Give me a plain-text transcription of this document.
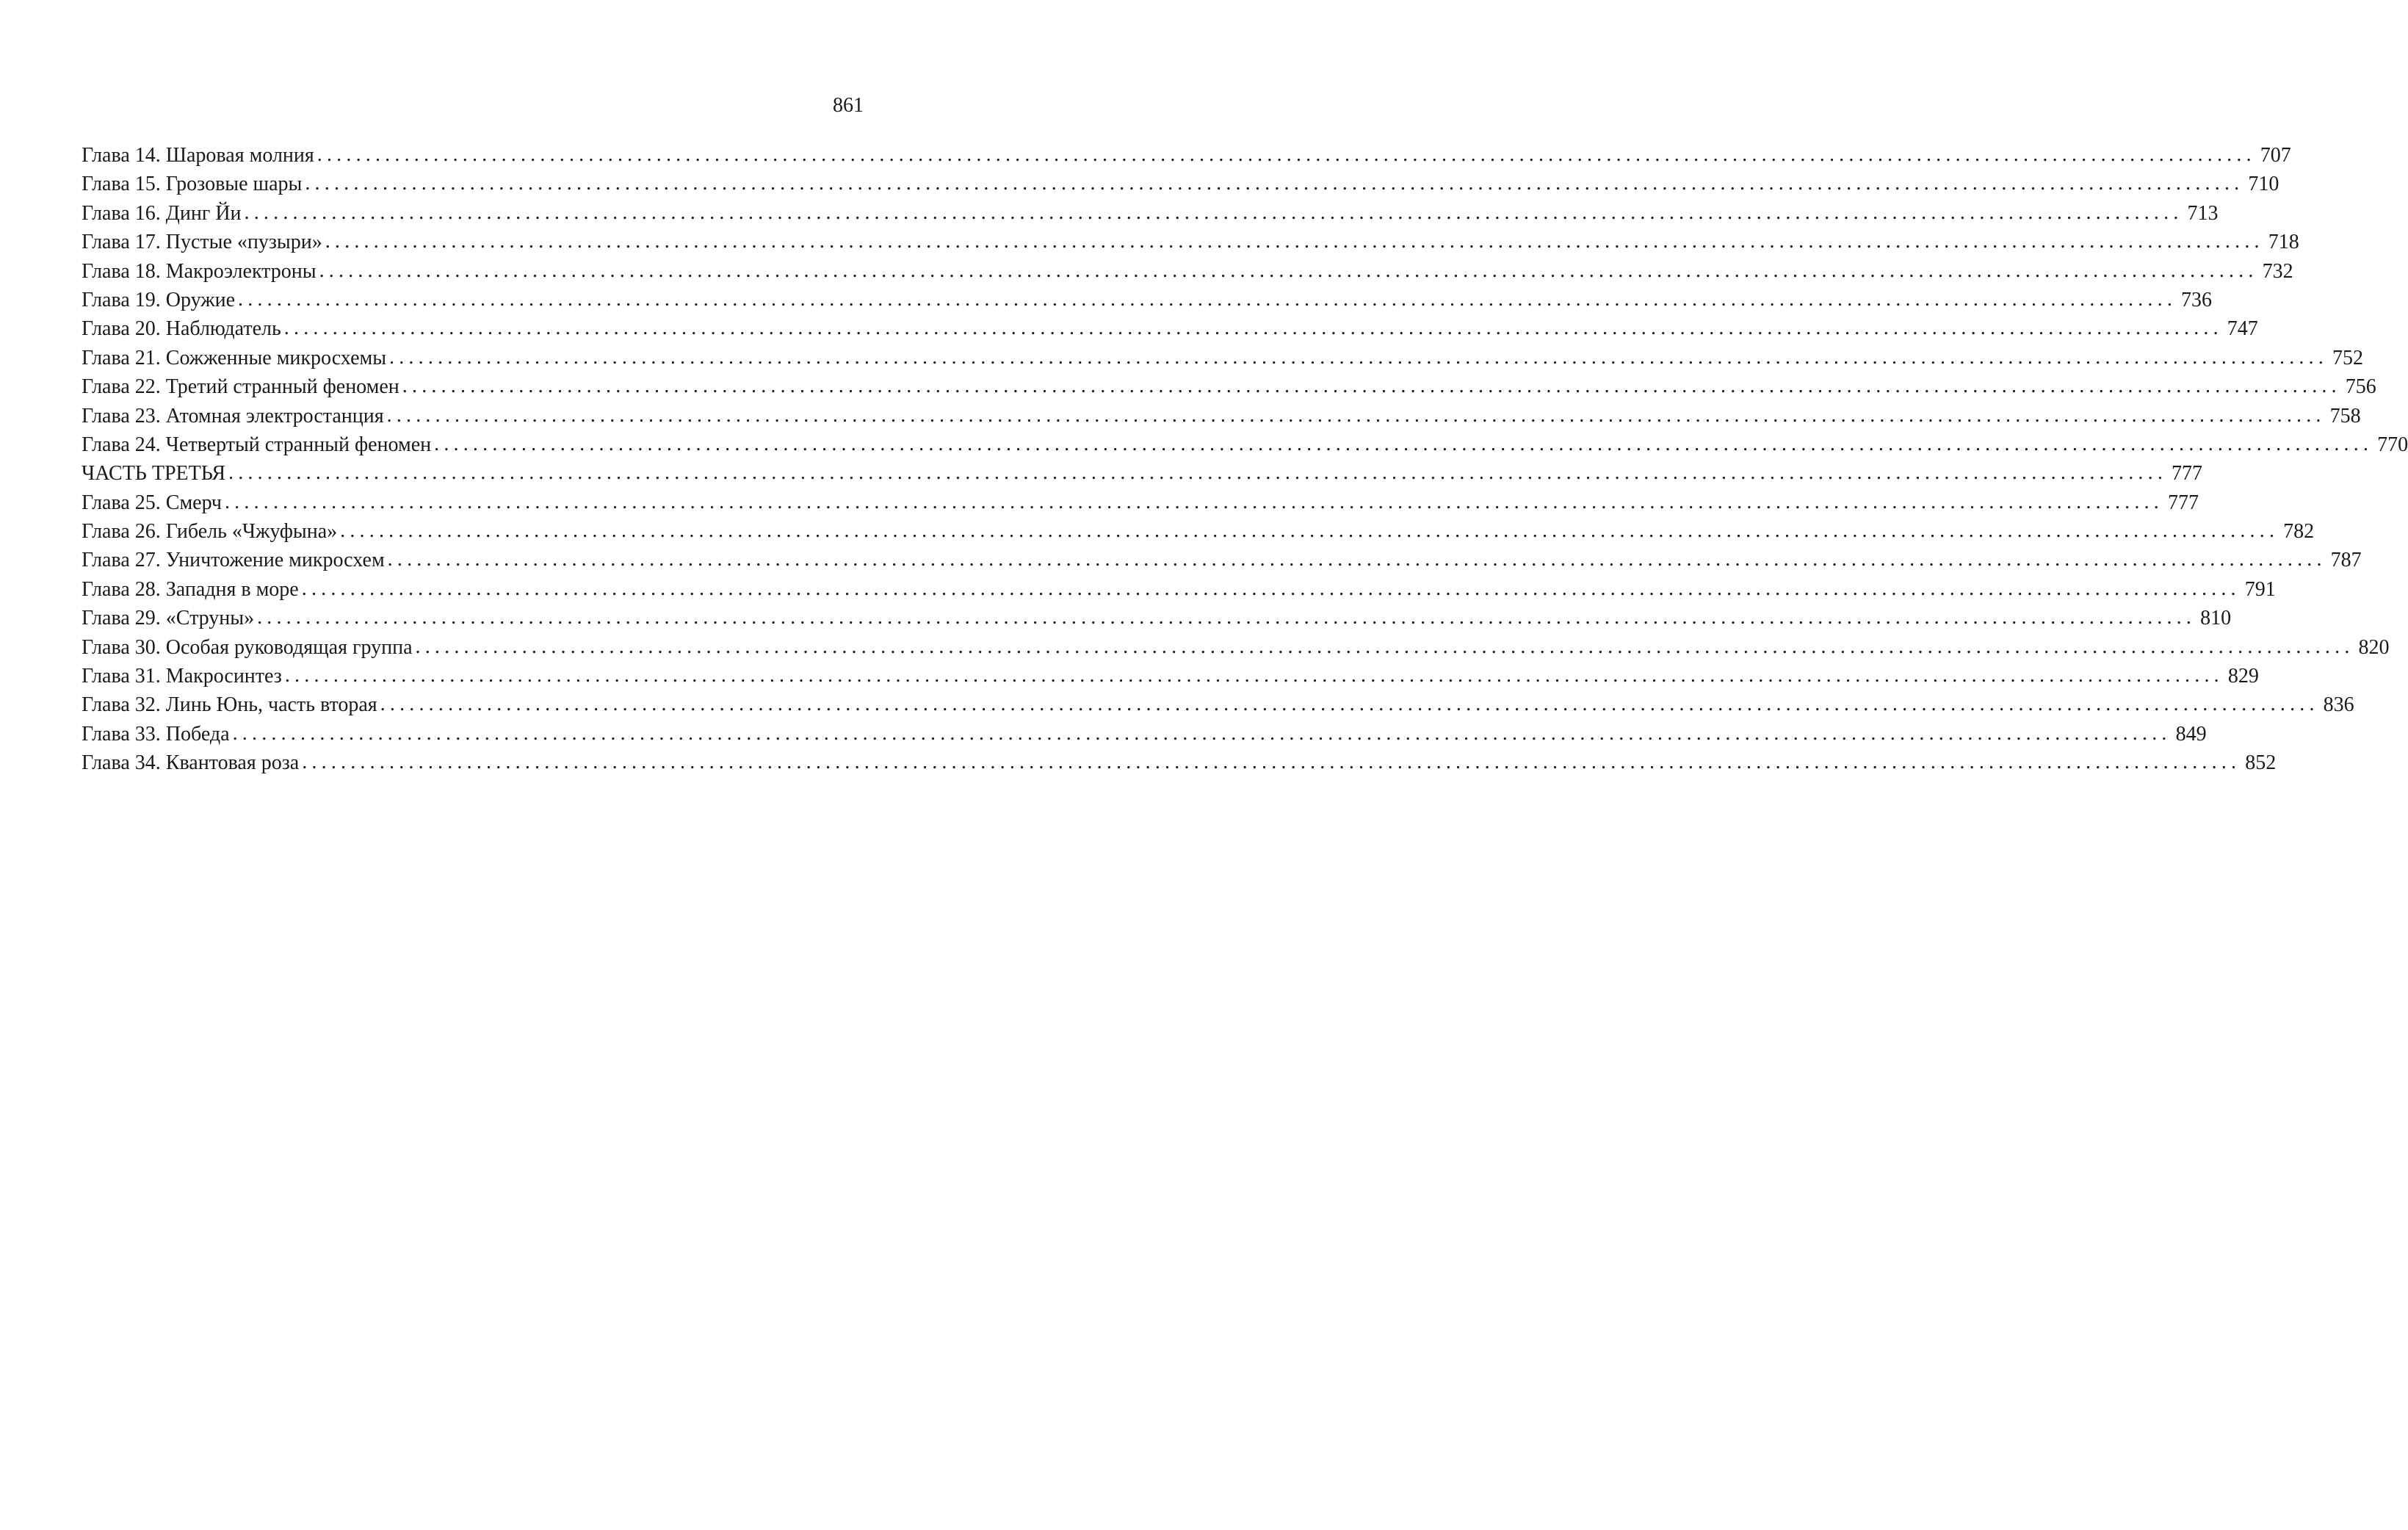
861
Глава 14. Шаровая молния ........................................................................................................................................................................................................ 707
Глава 15. Грозовые шары ........................................................................................................................................................................................................ 710
Глава 16. Динг Йи ........................................................................................................................................................................................................ 713
Глава 17. Пустые «пузыри» ........................................................................................................................................................................................................ 718
Глава 18. Макроэлектроны ........................................................................................................................................................................................................ 732
Глава 19. Оружие ........................................................................................................................................................................................................ 736
Глава 20. Наблюдатель ........................................................................................................................................................................................................ 747
Глава 21. Сожженные микросхемы ........................................................................................................................................................................................................ 752
Глава 22. Третий странный феномен ........................................................................................................................................................................................................ 756
Глава 23. Атомная электростанция ........................................................................................................................................................................................................ 758
Глава 24. Четвертый странный феномен ........................................................................................................................................................................................................ 770
ЧАСТЬ ТРЕТЬЯ ........................................................................................................................................................................................................ 777
Глава 25. Смерч ........................................................................................................................................................................................................ 777
Глава 26. Гибель «Чжуфына» ........................................................................................................................................................................................................ 782
Глава 27. Уничтожение микросхем ........................................................................................................................................................................................................ 787
Глава 28. Западня в море ........................................................................................................................................................................................................ 791
Глава 29. «Струны» ........................................................................................................................................................................................................ 810
Глава 30. Особая руководящая группа ........................................................................................................................................................................................................ 820
Глава 31. Макросинтез ........................................................................................................................................................................................................ 829
Глава 32. Линь Юнь, часть вторая ........................................................................................................................................................................................................ 836
Глава 33. Победа ........................................................................................................................................................................................................ 849
Глава 34. Квантовая роза ........................................................................................................................................................................................................ 852
